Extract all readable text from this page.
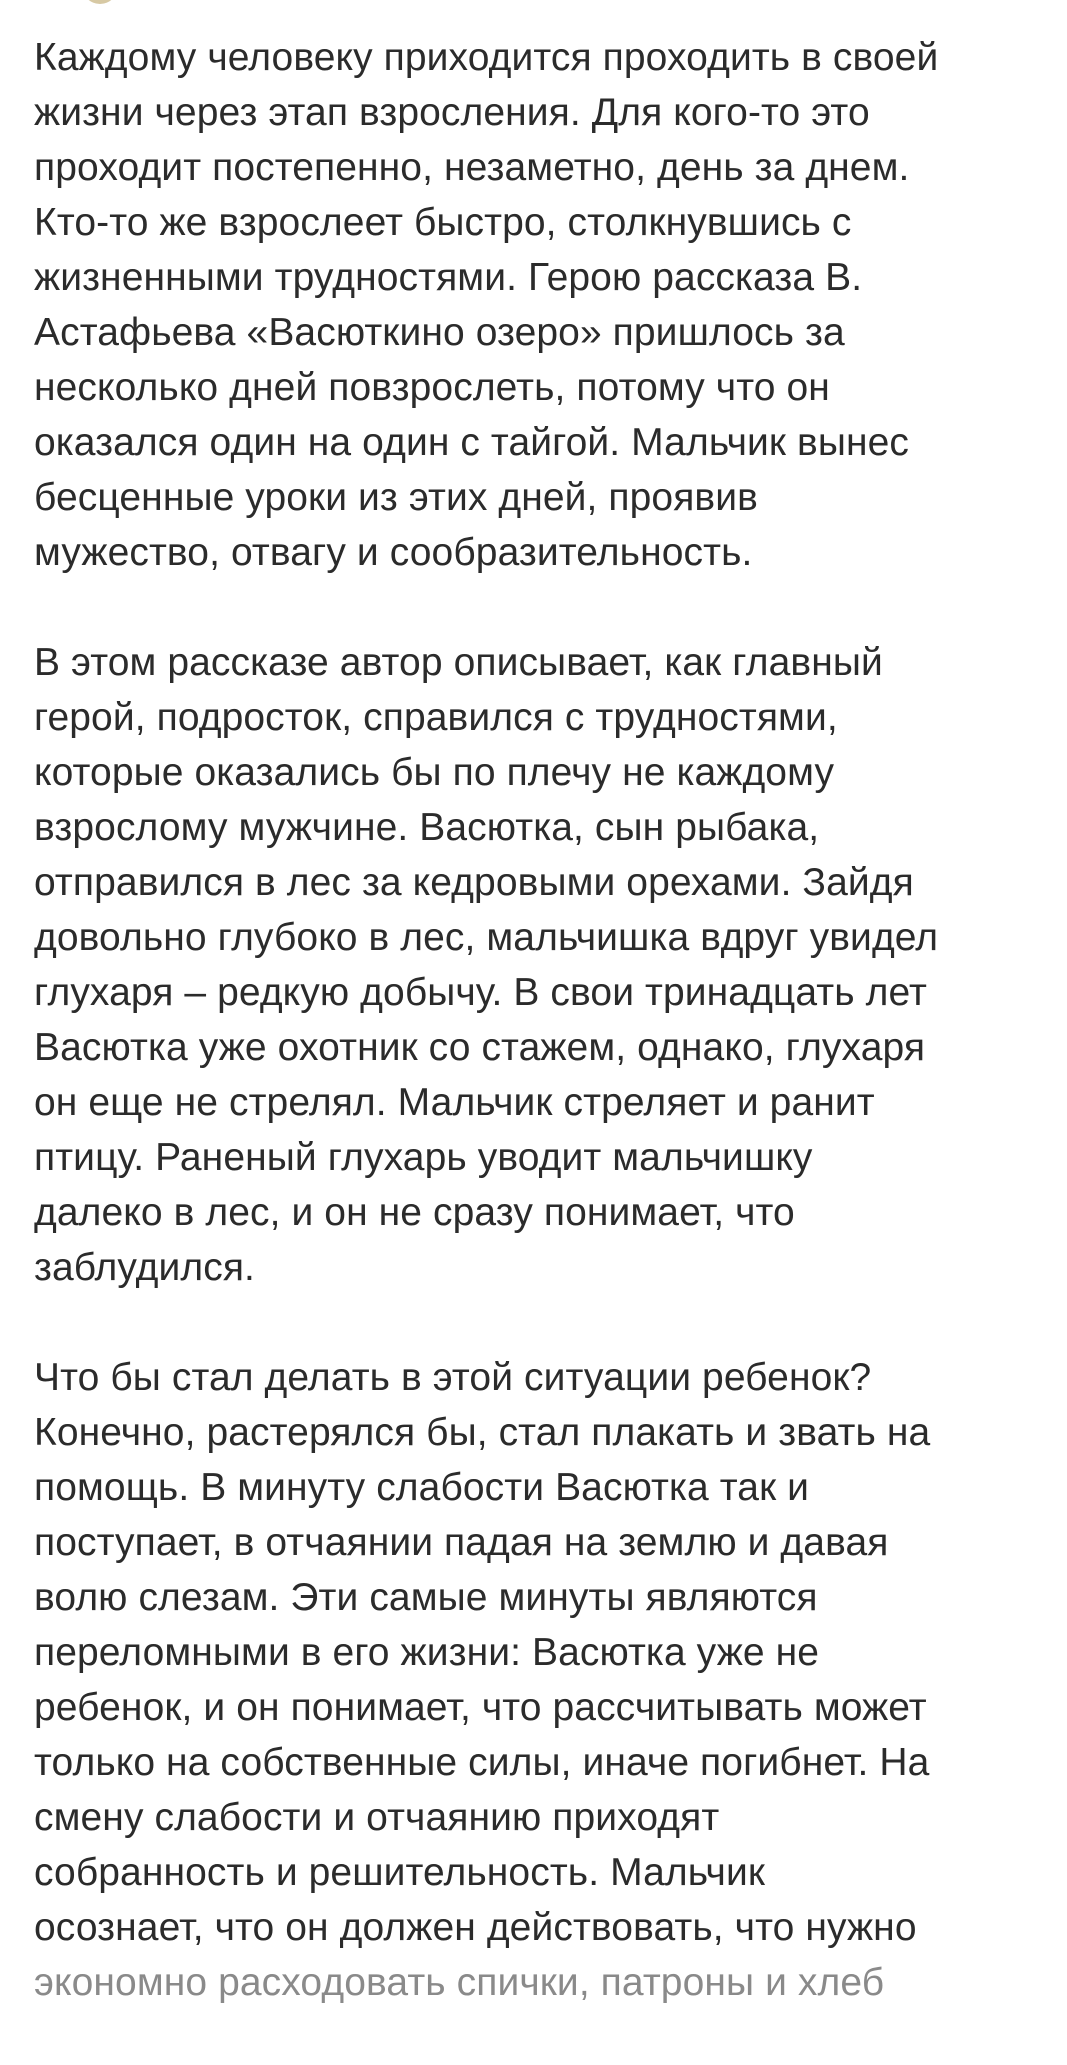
Каждому человеку приходится проходить в своей
жизни через этап взросления. Для кого-то это
проходит постепенно, незаметно, день за днем.
Кто-то же взрослеет быстро, столкнувшись с
жизненными трудностями. Герою рассказа В.
Астафьева «Васюткино озеро» пришлось за
несколько дней повзрослеть, потому что он
оказался один на один с тайгой. Мальчик вынес
бесценные уроки из этих дней, проявив
мужество, отвагу и сообразительность.

В этом рассказе автор описывает, как главный
герой, подросток, справился с трудностями,
которые оказались бы по плечу не каждому
взрослому мужчине. Васютка, сын рыбака,
отправился в лес за кедровыми орехами. Зайдя
довольно глубоко в лес, мальчишка вдруг увидел
глухаря – редкую добычу. В свои тринадцать лет
Васютка уже охотник со стажем, однако, глухаря
он еще не стрелял. Мальчик стреляет и ранит
птицу. Раненый глухарь уводит мальчишку
далеко в лес, и он не сразу понимает, что
заблудился.

Что бы стал делать в этой ситуации ребенок?
Конечно, растерялся бы, стал плакать и звать на
помощь. В минуту слабости Васютка так и
поступает, в отчаянии падая на землю и давая
волю слезам. Эти самые минуты являются
переломными в его жизни: Васютка уже не
ребенок, и он понимает, что рассчитывать может
только на собственные силы, иначе погибнет. На
смену слабости и отчаянию приходят
собранность и решительность. Мальчик
осознает, что он должен действовать, что нужно
экономно расходовать спички, патроны и хлеб
